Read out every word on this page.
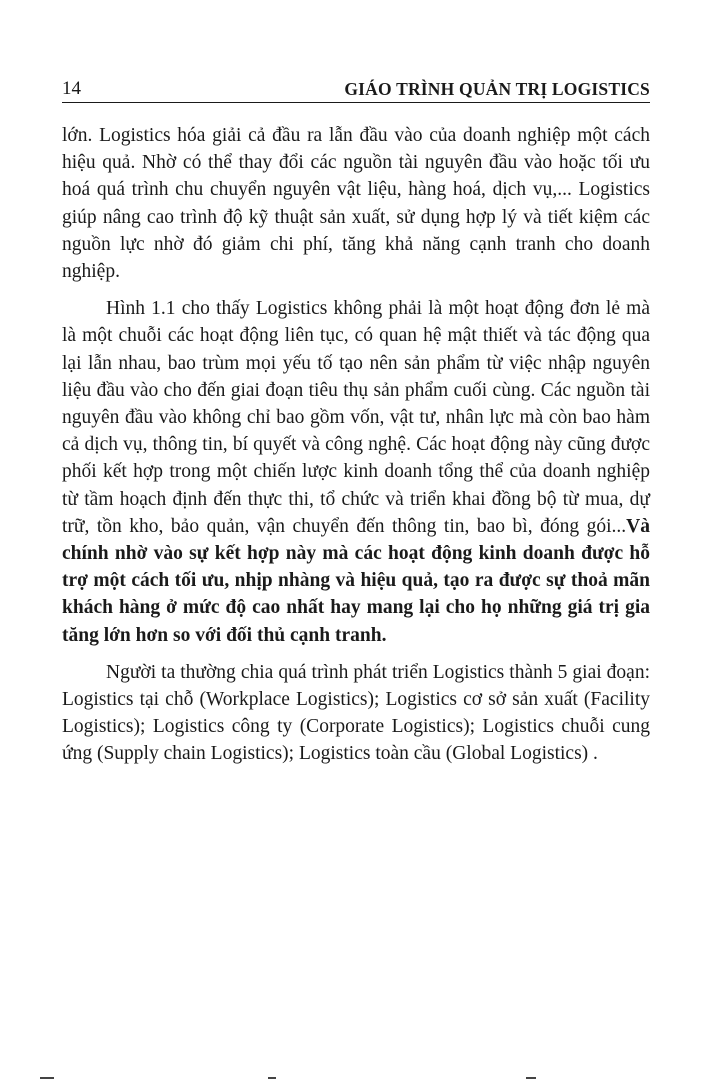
14	GIÁO TRÌNH QUẢN TRỊ LOGISTICS

lớn. Logistics hóa giải cả đầu ra lẫn đầu vào của doanh nghiệp một cách hiệu quả. Nhờ có thể thay đổi các nguồn tài nguyên đầu vào hoặc tối ưu hoá quá trình chu chuyển nguyên vật liệu, hàng hoá, dịch vụ,... Logistics giúp nâng cao trình độ kỹ thuật sản xuất, sử dụng hợp lý và tiết kiệm các nguồn lực nhờ đó giảm chi phí, tăng khả năng cạnh tranh cho doanh nghiệp.

Hình 1.1 cho thấy Logistics không phải là một hoạt động đơn lẻ mà là một chuỗi các hoạt động liên tục, có quan hệ mật thiết và tác động qua lại lẫn nhau, bao trùm mọi yếu tố tạo nên sản phẩm từ việc nhập nguyên liệu đầu vào cho đến giai đoạn tiêu thụ sản phẩm cuối cùng. Các nguồn tài nguyên đầu vào không chỉ bao gồm vốn, vật tư, nhân lực mà còn bao hàm cả dịch vụ, thông tin, bí quyết và công nghệ. Các hoạt động này cũng được phối kết hợp trong một chiến lược kinh doanh tổng thể của doanh nghiệp từ tầm hoạch định đến thực thi, tổ chức và triển khai đồng bộ từ mua, dự trữ, tồn kho, bảo quản, vận chuyển đến thông tin, bao bì, đóng gói...Và chính nhờ vào sự kết hợp này mà các hoạt động kinh doanh được hỗ trợ một cách tối ưu, nhịp nhàng và hiệu quả, tạo ra được sự thoả mãn khách hàng ở mức độ cao nhất hay mang lại cho họ những giá trị gia tăng lớn hơn so với đối thủ cạnh tranh.

Người ta thường chia quá trình phát triển Logistics thành 5 giai đoạn: Logistics tại chỗ (Workplace Logistics); Logistics cơ sở sản xuất (Facility Logistics); Logistics công ty (Corporate Logistics); Logistics chuỗi cung ứng (Supply chain Logistics); Logistics toàn cầu (Global Logistics) .
